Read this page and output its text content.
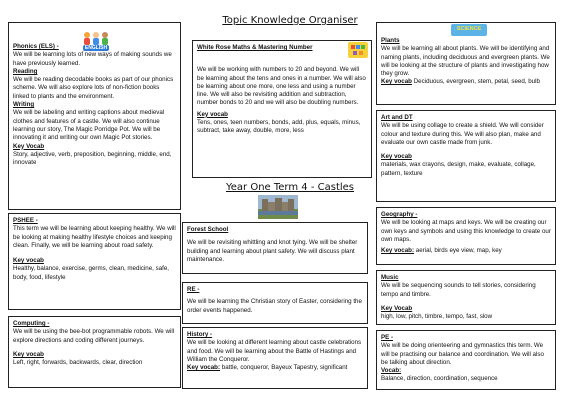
Topic Knowledge Organiser
Year One Term 4 - Castles
Phonics (ELS) -
We will be learning lots of new ways of making sounds we have previously learned.
Reading
We will be reading decodable books as part of our phonics scheme. We will also explore lots of non-fiction books linked to plants and the environment.
Writing
We will be labeling and writing captions about medieval clothes and features of a castle. We will also continue learning our story, The Magic Porridge Pot. We will be innovating it and writing our own Magic Pot stories.
Key Vocab
Story, adjective, verb, preposition, beginning, middle, end, innovate
ENGLISH	White Rose Maths & Mastering Number
We will be working with numbers to 20 and beyond. We will be learning about the tens and ones in a number. We will also be learning about one more, one less and using a number line. We will also be revisiting addition and subtraction, number bonds to 20 and we will also be doubling numbers.
Key vocab
Tens, ones, teen numbers, bonds, add, plus, equals, minus, subtract, take away, double, more, less
Plants
We will be learning all about plants. We will be identifying and naming plants, including deciduous and evergreen plants. We will be looking at the structure of plants and investigating how they grow.
Key vocab Deciduous, evergreen, stem, petal, seed, bulb
SCIENCE
Art and DT
We will be using collage to create a shield. We will consider colour and texture during this. We will also plan, make and evaluate our own castle made from junk.
Key vocab
materials, wax crayons, design, make, evaluate, collage, pattern, texture
PSHEE -
This term we will be learning about keeping healthy. We will be looking at making healthy lifestyle choices and keeping clean. Finally, we will be learning about road safety.
Key vocab
Healthy, balance, exercise, germs, clean, medicine, safe, body, food, lifestyle
Forest School
We will be revisiting whittling and knot tying. We will be shelter building and learning about plant safety. We will discuss plant maintenance.
Geography -
We will be looking at maps and keys. We will be creating our own keys and symbols and using this knowledge to create our own maps.
Key vocab: aerial, birds eye view, map, key
RE -
We will be learning the Christian story of Easter, considering the order events happened.
Music
We will be sequencing sounds to tell stories, considering tempo and timbre.
Key Vocab
high, low, pitch, timbre, tempo, fast, slow
Computing -
We will be using the bee-bot programmable robots. We will explore directions and coding different journeys.
Key vocab
Left, right, forwards, backwards, clear, direction
History -
We will be looking at different learning about castle celebrations and food. We will be learning about the Battle of Hastings and William the Conqueror.
Key vocab: battle, conqueror, Bayeux Tapestry, significant
PE -
We will be doing orienteering and gymnastics this term. We will be practising our balance and coordination. We will also be talking about direction.
Vocab:
Balance, direction, coordination, sequence
